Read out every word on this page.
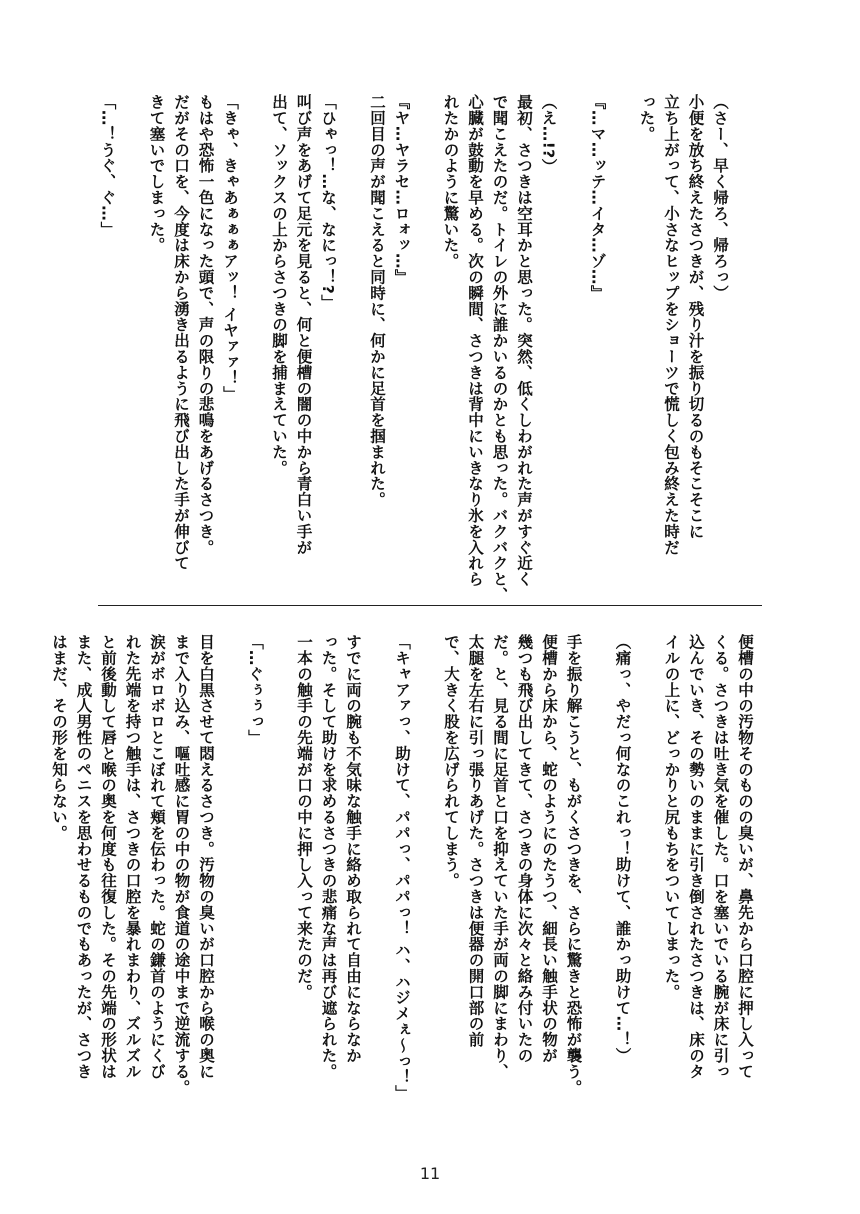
（さー、早く帰ろ、帰ろっ）
小便を放ち終えたさつきが、残り汁を振り切るのもそこそこに
立ち上がって、小さなヒップをショーツで慌しく包み終えた時だ
った。

『…マ…ッテ…イタ…ゾ…』

（え…!?）
最初、さつきは空耳かと思った。突然、低くしわがれた声がすぐ近く
で聞こえたのだ。トイレの外に誰かいるのかとも思った。バクバクと、
心臓が鼓動を早める。次の瞬間、さつきは背中にいきなり氷を入れら
れたかのように驚いた。

『ヤ…ヤラセ…ロォッ…』
二回目の声が聞こえると同時に、何かに足首を掴まれた。

「ひゃっ！…な、なにっ！?」
叫び声をあげて足元を見ると、何と便槽の闇の中から青白い手が
出て、ソックスの上からさつきの脚を捕まえていた。

「きゃ、きゃあぁぁぁアッ！ イヤァァ！」
もはや恐怖一色になった頭で、声の限りの悲鳴をあげるさつき。
だがその口を、今度は床から湧き出るように飛び出した手が伸びて
きて塞いでしまった。

「…！うぐ、ぐ…」
便槽の中の汚物そのものの臭いが、鼻先から口腔に押し入って
くる。さつきは吐き気を催した。口を塞いでいる腕が床に引っ
込んでいき、その勢いのままに引き倒されたさつきは、床のタ
イルの上に、どっかりと尻もちをついてしまった。

（痛っ、やだっ何なのこれっ！助けて、誰かっ助けて…！）

手を振り解こうと、もがくさつきを、さらに驚きと恐怖が襲う。
便槽から床から、蛇のようにのたうつ、細長い触手状の物が
幾つも飛び出してきて、さつきの身体に次々と絡み付いたの
だ。と、見る間に足首と口を抑えていた手が両の脚にまわり、
太腿を左右に引っ張りあげた。さつきは便器の開口部の前
で、大きく股を広げられてしまう。

「キャアァっ、助けて、パパっ、パパっ！ ハ、ハジメぇ～っ！」

すでに両の腕も不気味な触手に絡め取られて自由にならなか
った。そして助けを求めるさつきの悲痛な声は再び遮られた。
一本の触手の先端が口の中に押し入って来たのだ。

「…ぐぅぅっ」

目を白黒させて悶えるさつき。汚物の臭いが口腔から喉の奥に
まで入り込み、嘔吐感に胃の中の物が食道の途中まで逆流する。
涙がボロボロとこぼれて頬を伝わった。蛇の鎌首のようにくび
れた先端を持つ触手は、さつきの口腔を暴れまわり、ズルズル
と前後動して唇と喉の奥を何度も往復した。その先端の形状は
また、成人男性のペニスを思わせるものでもあったが、さつき
はまだ、その形を知らない。
11
